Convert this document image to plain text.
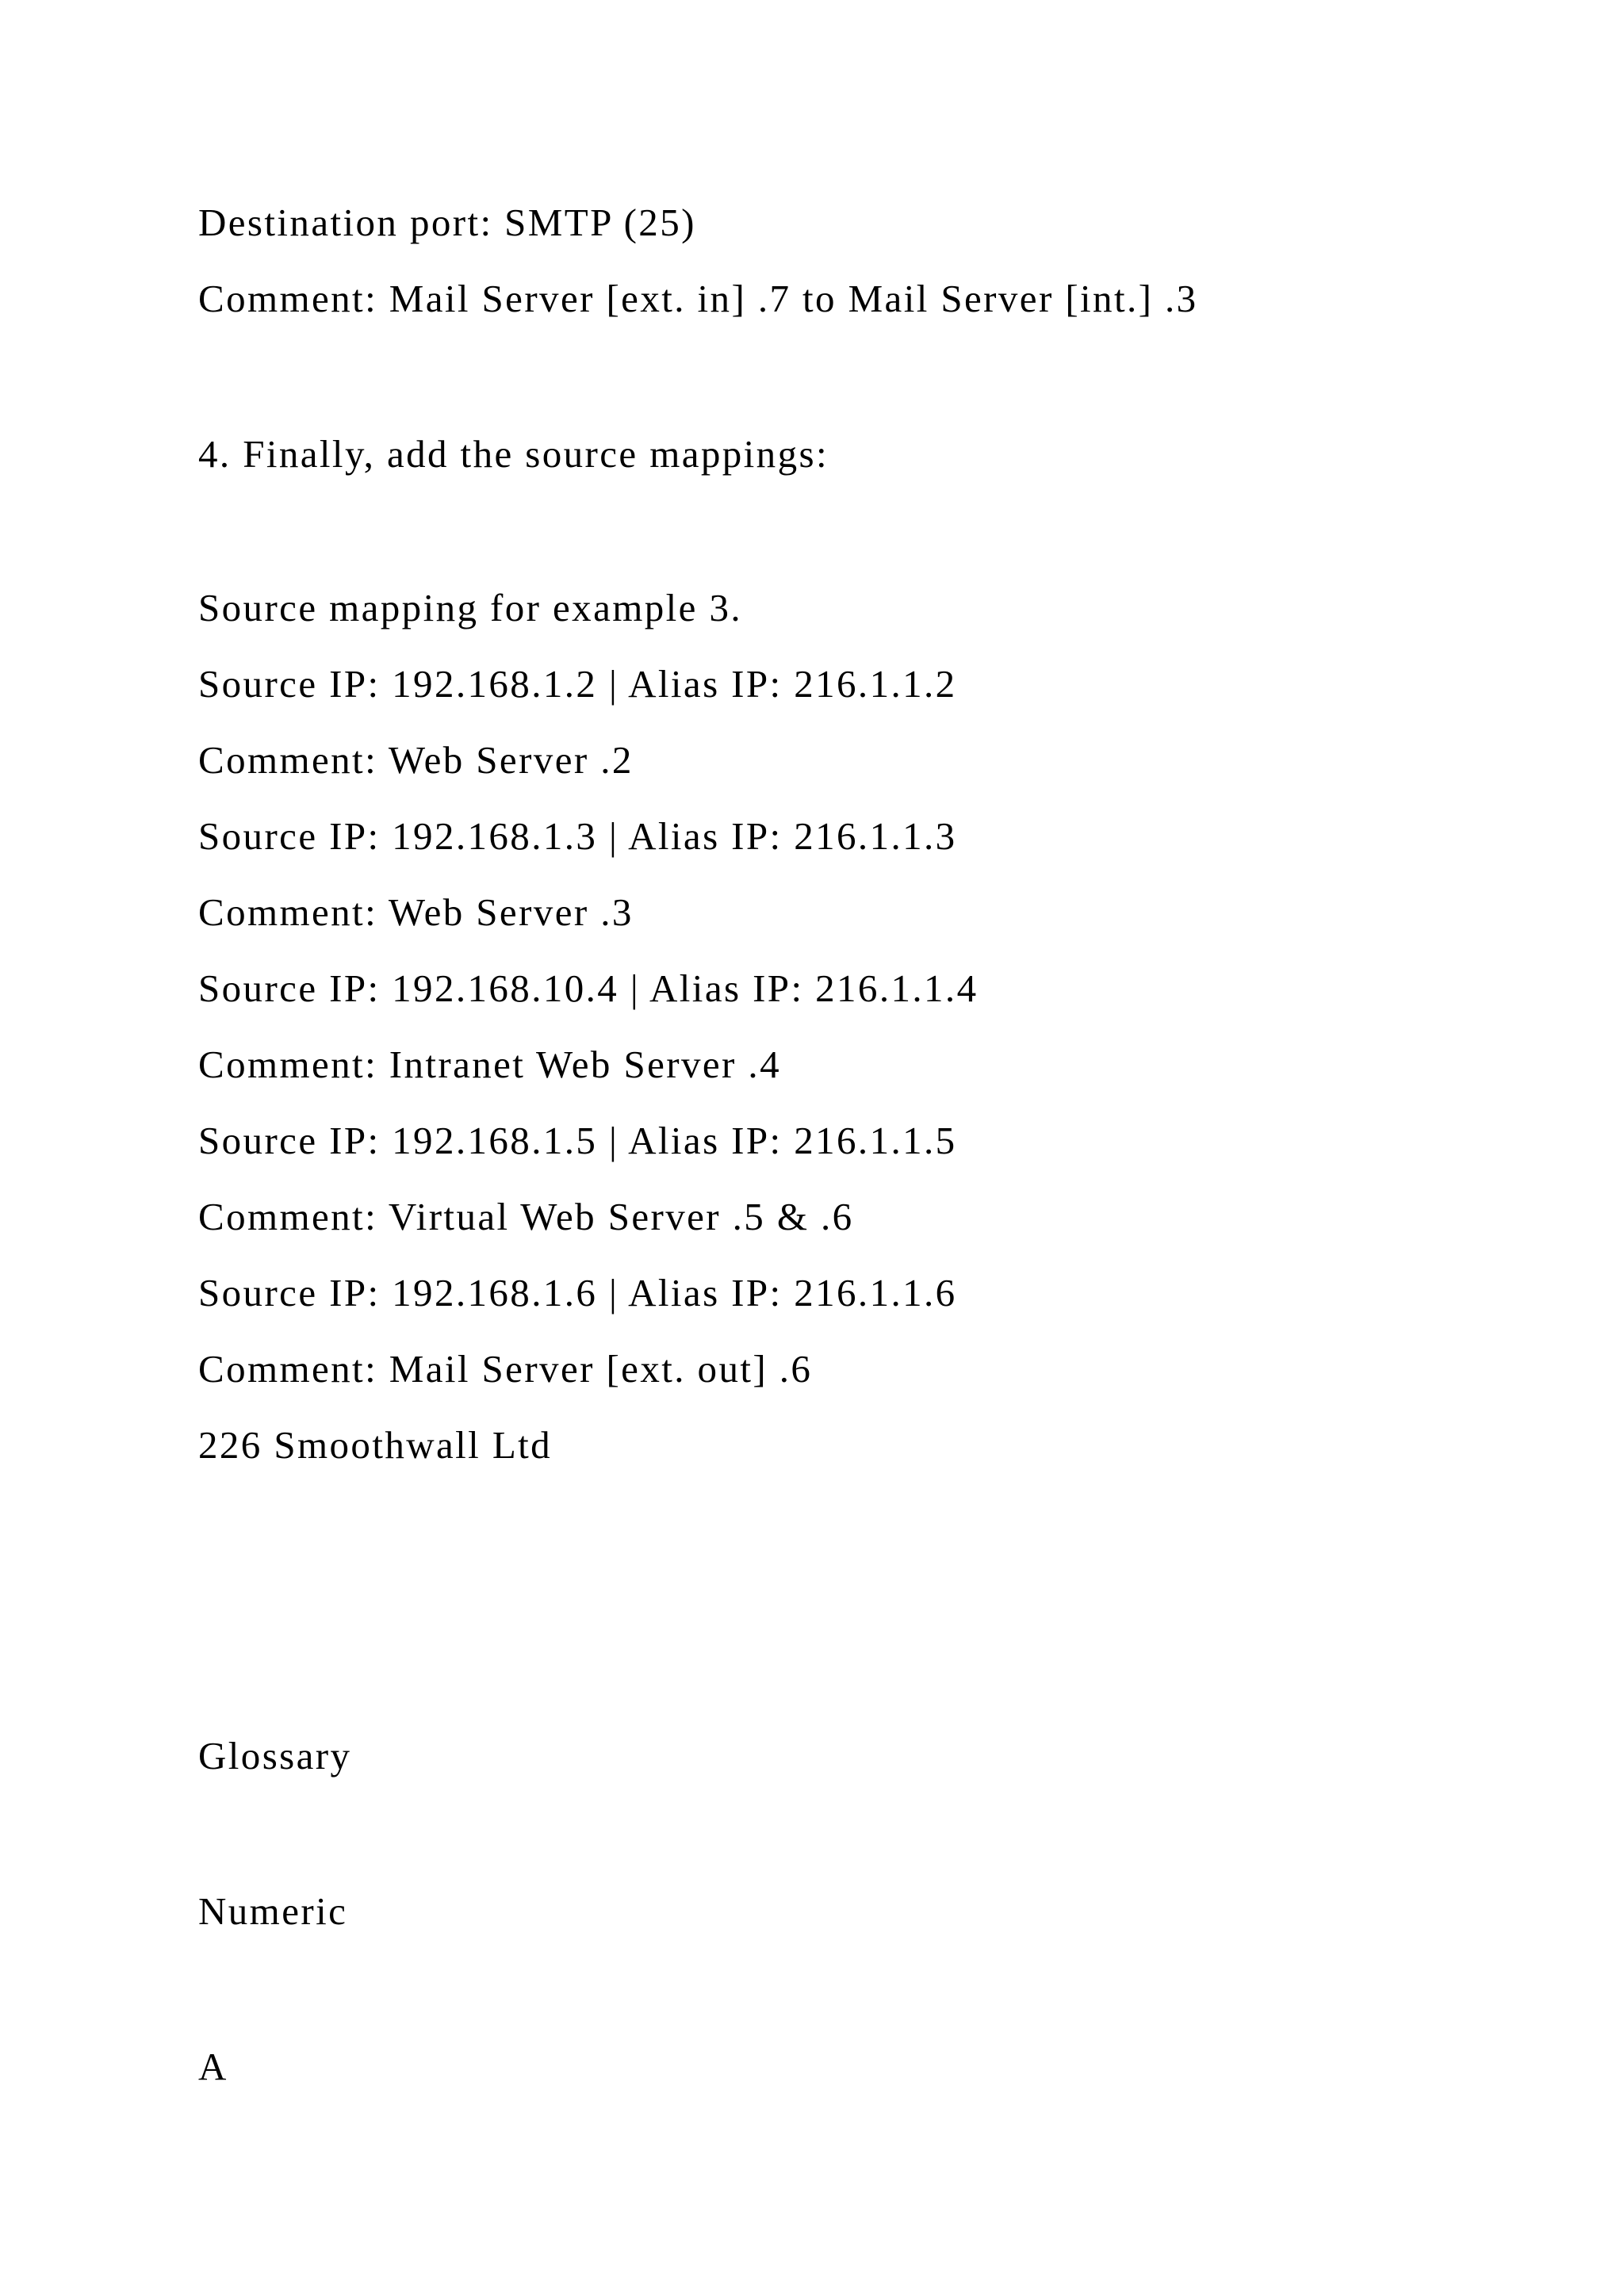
Destination port: SMTP (25)

Comment: Mail Server [ext. in] .7 to Mail Server [int.] .3

4. Finally, add the source mappings:

Source mapping for example 3.

Source IP: 192.168.1.2 | Alias IP: 216.1.1.2

Comment: Web Server .2

Source IP: 192.168.1.3 | Alias IP: 216.1.1.3

Comment: Web Server .3

Source IP: 192.168.10.4 | Alias IP: 216.1.1.4

Comment: Intranet Web Server .4

Source IP: 192.168.1.5 | Alias IP: 216.1.1.5

Comment: Virtual Web Server .5 & .6

Source IP: 192.168.1.6 | Alias IP: 216.1.1.6

Comment: Mail Server [ext. out] .6

226 Smoothwall Ltd

Glossary

Numeric

A
